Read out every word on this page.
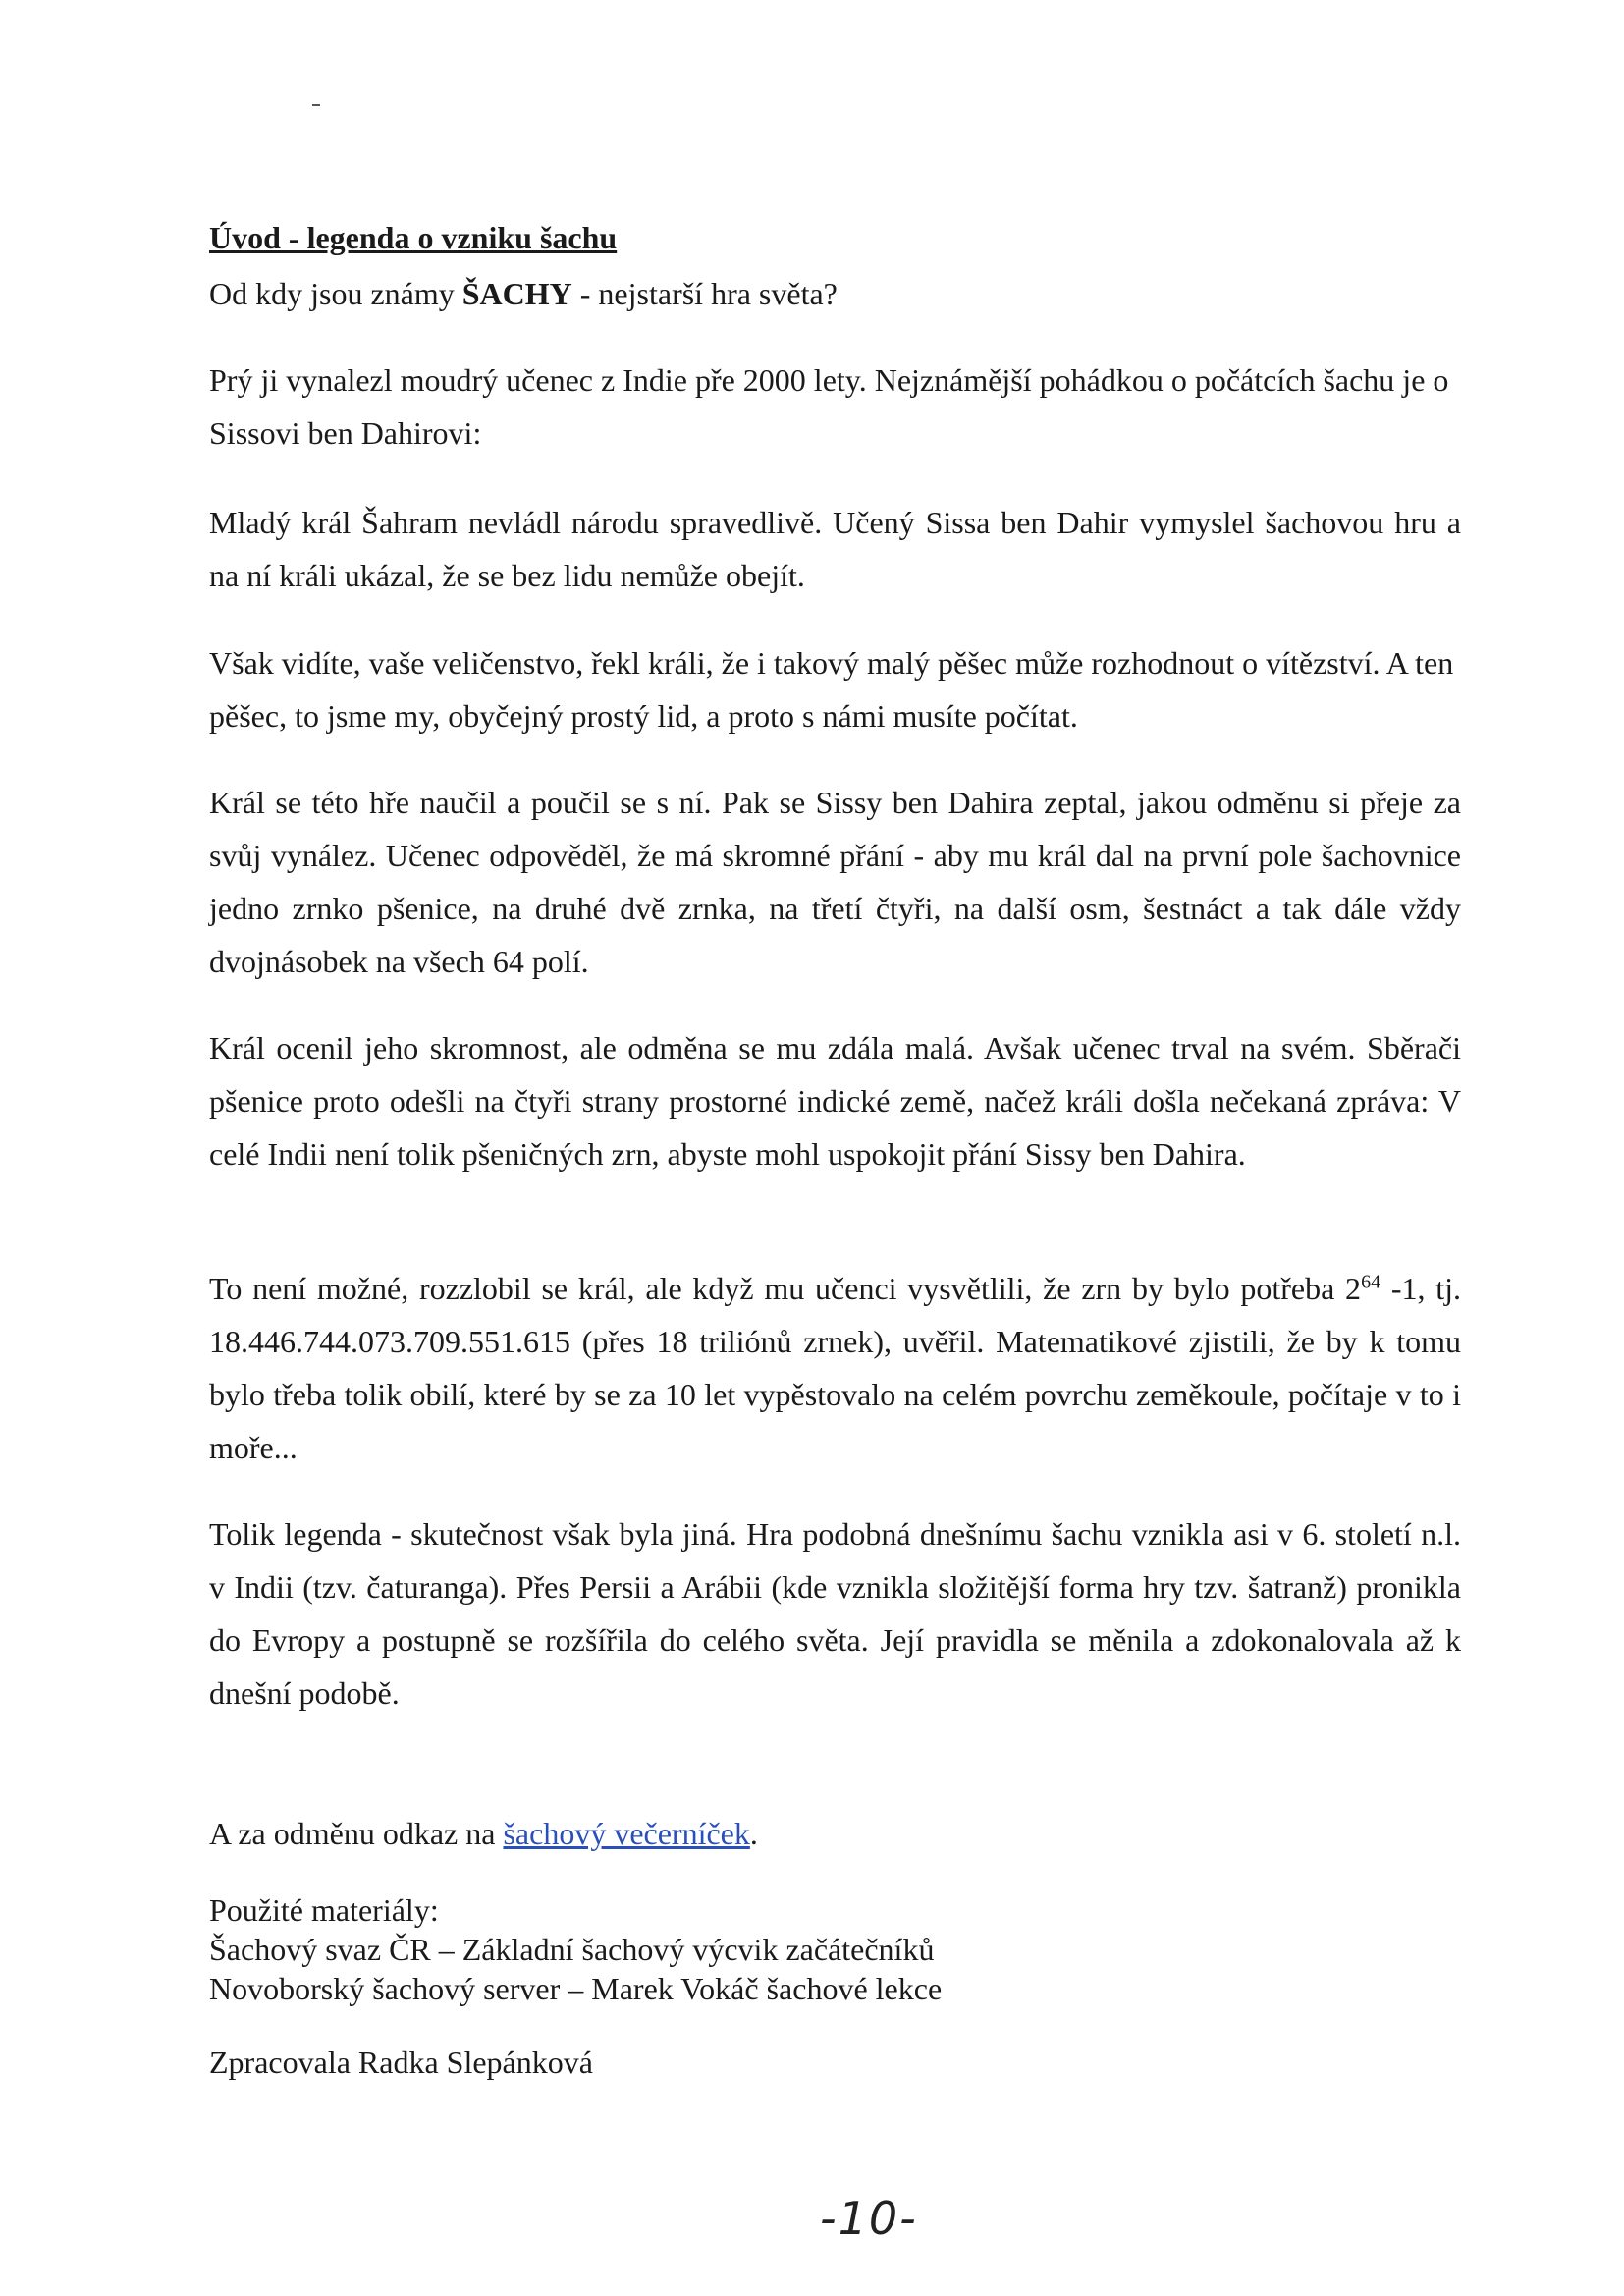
Úvod - legenda o vzniku šachu
Od kdy jsou známy ŠACHY - nejstarší hra světa?
Prý ji vynalezl moudrý učenec z Indie pře 2000 lety. Nejznámější pohádkou o počátcích šachu je o Sissovi ben Dahirovi:
Mladý král Šahram nevládl národu spravedlivě. Učený Sissa ben Dahir vymyslel šachovou hru a na ní králi ukázal, že se bez lidu nemůže obejít.
Však vidíte, vaše veličenstvo, řekl králi, že i takový malý pěšec může rozhodnout o vítězství. A ten pěšec, to jsme my, obyčejný prostý lid, a proto s námi musíte počítat.
Král se této hře naučil a poučil se s ní. Pak se Sissy ben Dahira zeptal, jakou odměnu si přeje za svůj vynález. Učenec odpověděl, že má skromné přání - aby mu král dal na první pole šachovnice jedno zrnko pšenice, na druhé dvě zrnka, na třetí čtyři, na další osm, šestnáct a tak dále vždy dvojnásobek na všech 64 polí.
Král ocenil jeho skromnost, ale odměna se mu zdála malá. Avšak učenec trval na svém. Sběrači pšenice proto odešli na čtyři strany prostorné indické země, načež králi došla nečekaná zpráva: V celé Indii není tolik pšeničných zrn, abyste mohl uspokojit přání Sissy ben Dahira.
To není možné, rozzlobil se král, ale když mu učenci vysvětlili, že zrn by bylo potřeba $2^{64}$ -1, tj. 18.446.744.073.709.551.615 (přes 18 triliónů zrnek), uvěřil. Matematikové zjistili, že by k tomu bylo třeba tolik obilí, které by se za 10 let vypěstovalo na celém povrchu zeměkoule, počítaje v to i moře...
Tolik legenda - skutečnost však byla jiná. Hra podobná dnešnímu šachu vznikla asi v 6. století n.l. v Indii (tzv. čaturanga). Přes Persii a Arábii (kde vznikla složitější forma hry tzv. šatranž) pronikla do Evropy a postupně se rozšířila do celého světa. Její pravidla se měnila a zdokonalovala až k dnešní podobě.
A za odměnu odkaz na šachový večerníček.
Použité materiály:
Šachový svaz ČR – Základní šachový výcvik začátečníků
Novoborský šachový server – Marek Vokáč šachové lekce
Zpracovala Radka Slepánková
-10-
